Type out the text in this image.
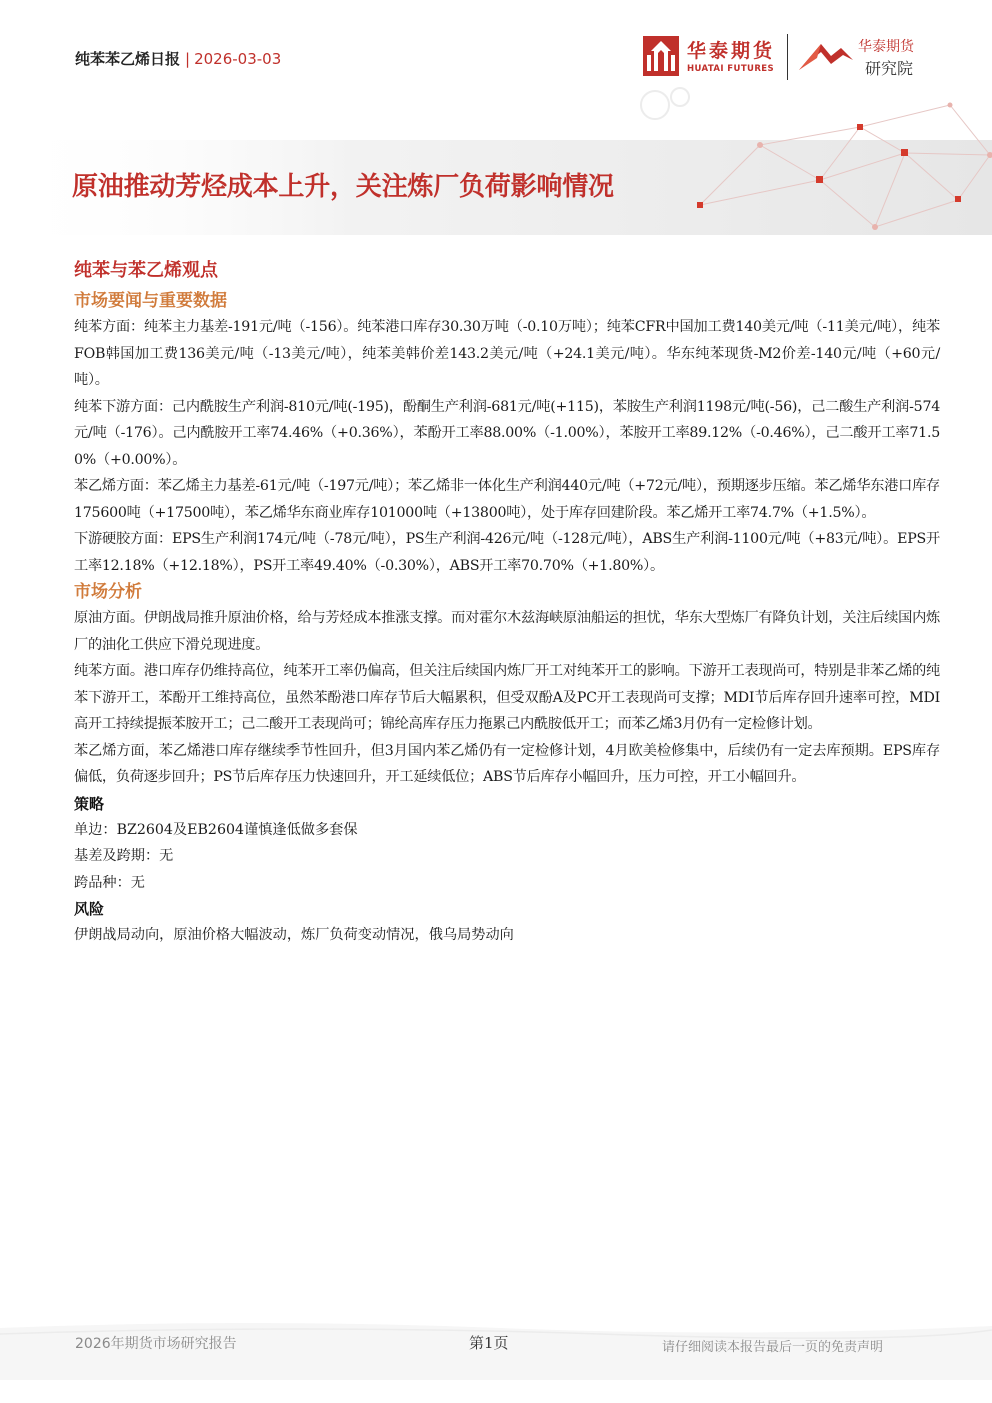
纯苯苯乙烯日报 | 2026-03-03	华泰期货
HUATAI FUTURES
华泰期货
研究院
原油推动芳烃成本上升，关注炼厂负荷影响情况
纯苯与苯乙烯观点
市场要闻与重要数据

纯苯方面：纯苯主力基差-191元/吨（-156）。纯苯港口库存30.30万吨（-0.10万吨）；纯苯CFR中国加工费140美元/吨（-11美元/吨），纯苯FOB韩国加工费136美元/吨（-13美元/吨），纯苯美韩价差143.2美元/吨（+24.1美元/吨）。华东纯苯现货-M2价差-140元/吨（+60元/吨）。

纯苯下游方面：己内酰胺生产利润-810元/吨(-195)，酚酮生产利润-681元/吨(+115)，苯胺生产利润1198元/吨(-56)，己二酸生产利润-574元/吨（-176）。己内酰胺开工率74.46%（+0.36%），苯酚开工率88.00%（-1.00%），苯胺开工率89.12%（-0.46%），己二酸开工率71.50%（+0.00%）。

苯乙烯方面：苯乙烯主力基差-61元/吨（-197元/吨）；苯乙烯非一体化生产利润440元/吨（+72元/吨），预期逐步压缩。苯乙烯华东港口库存175600吨（+17500吨），苯乙烯华东商业库存101000吨（+13800吨），处于库存回建阶段。苯乙烯开工率74.7%（+1.5%）。

下游硬胶方面：EPS生产利润174元/吨（-78元/吨），PS生产利润-426元/吨（-128元/吨），ABS生产利润-1100元/吨（+83元/吨）。EPS开工率12.18%（+12.18%），PS开工率49.40%（-0.30%），ABS开工率70.70%（+1.80%）。

市场分析

原油方面。伊朗战局推升原油价格，给与芳烃成本推涨支撑。而对霍尔木兹海峡原油船运的担忧，华东大型炼厂有降负计划，关注后续国内炼厂的油化工供应下滑兑现进度。

纯苯方面。港口库存仍维持高位，纯苯开工率仍偏高，但关注后续国内炼厂开工对纯苯开工的影响。下游开工表现尚可，特别是非苯乙烯的纯苯下游开工，苯酚开工维持高位，虽然苯酚港口库存节后大幅累积，但受双酚A及PC开工表现尚可支撑；MDI节后库存回升速率可控，MDI高开工持续提振苯胺开工；己二酸开工表现尚可；锦纶高库存压力拖累己内酰胺低开工；而苯乙烯3月仍有一定检修计划。

苯乙烯方面，苯乙烯港口库存继续季节性回升，但3月国内苯乙烯仍有一定检修计划，4月欧美检修集中，后续仍有一定去库预期。EPS库存偏低，负荷逐步回升；PS节后库存压力快速回升，开工延续低位；ABS节后库存小幅回升，压力可控，开工小幅回升。

策略

单边：BZ2604及EB2604谨慎逢低做多套保

基差及跨期：无

跨品种：无

风险

伊朗战局动向，原油价格大幅波动，炼厂负荷变动情况，俄乌局势动向

2026年期货市场研究报告	第1页	请仔细阅读本报告最后一页的免责声明
